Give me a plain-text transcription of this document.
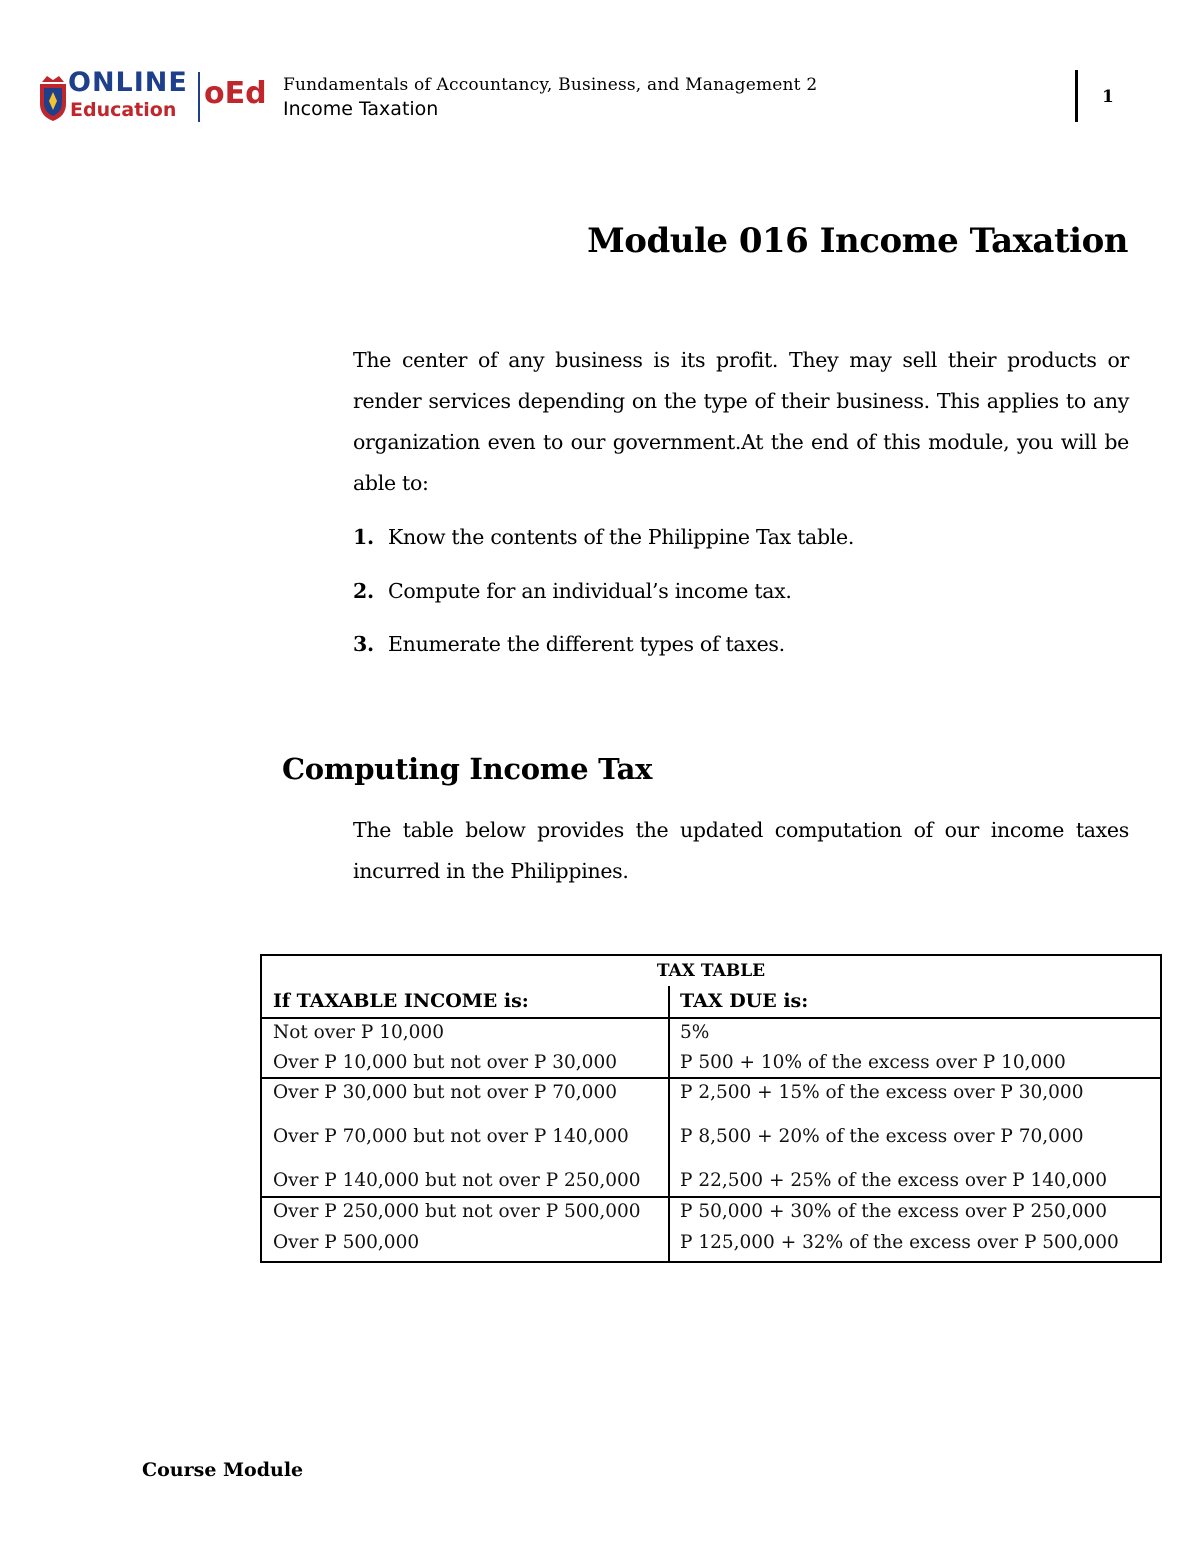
ONLINE
Education oEd Fundamentals of Accountancy, Business, and Management 2
Income Taxation
1
Module 016 Income Taxation

The center of any business is its profit. They may sell their products or render services depending on the type of their business. This applies to any organization even to our government.At the end of this module, you will be able to:

1. Know the contents of the Philippine Tax table.
2. Compute for an individual’s income tax.
3. Enumerate the different types of taxes.
Computing Income Tax

The table below provides the updated computation of our income taxes incurred in the Philippines.

TAX TABLE
If TAXABLE INCOME is:	TAX DUE is:
Not over P 10,000	5%
Over P 10,000 but not over P 30,000	P 500 + 10% of the excess over P 10,000
Over P 30,000 but not over P 70,000	P 2,500 + 15% of the excess over P 30,000
Over P 70,000 but not over P 140,000	P 8,500 + 20% of the excess over P 70,000
Over P 140,000 but not over P 250,000 P 22,500 + 25% of the excess over P 140,000
Over P 250,000 but not over P 500,000 P 50,000 + 30% of the excess over P 250,000
Over P 500,000	P 125,000 + 32% of the excess over P 500,000
Course Module
